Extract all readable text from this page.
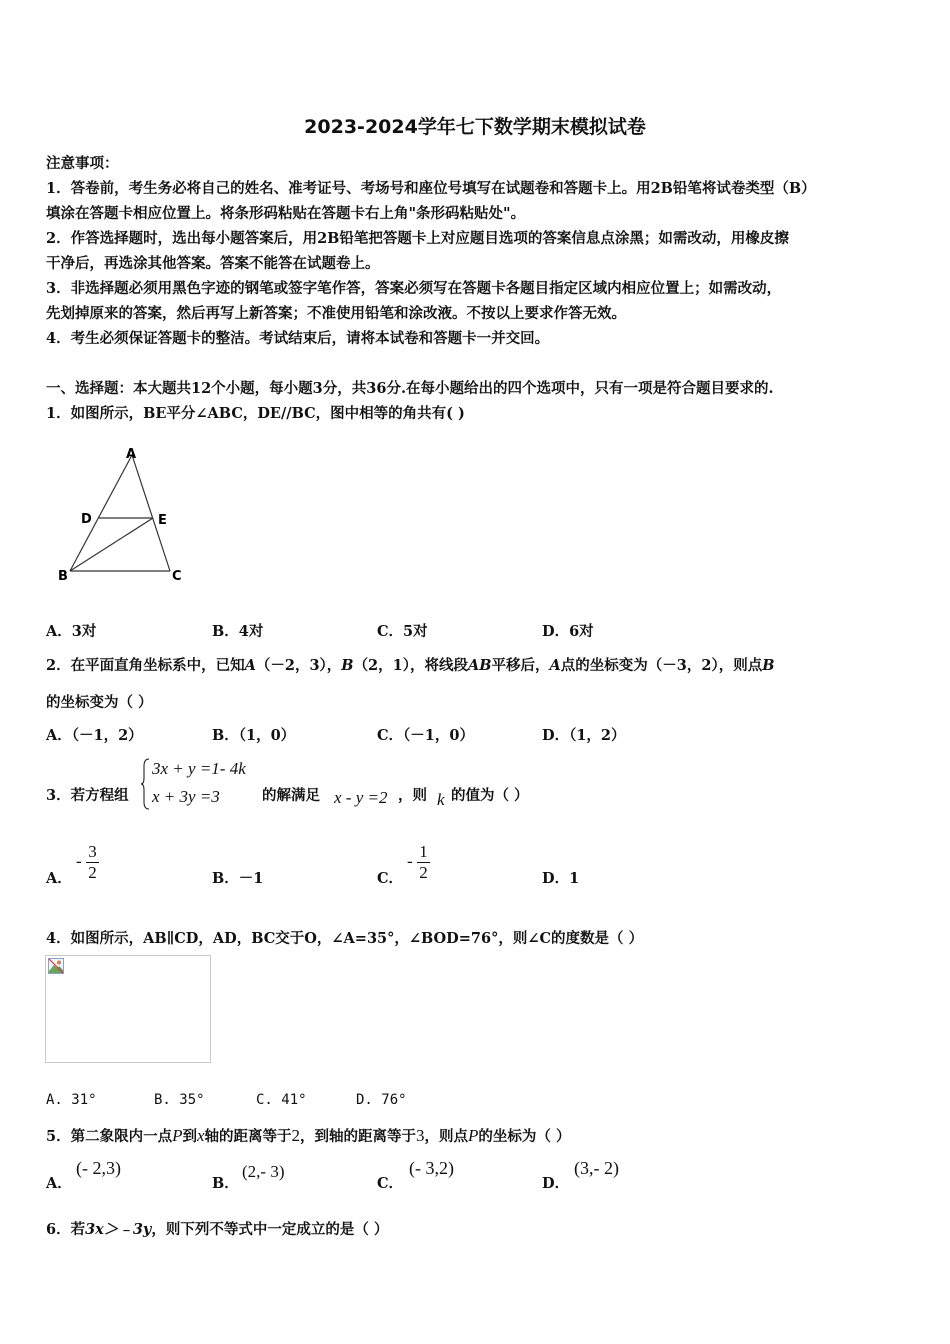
2023-2024学年七下数学期末模拟试卷
注意事项：
1．答卷前，考生务必将自己的姓名、准考证号、考场号和座位号填写在试题卷和答题卡上。用2B铅笔将试卷类型（B）
填涂在答题卡相应位置上。将条形码粘贴在答题卡右上角"条形码粘贴处"。
2．作答选择题时，选出每小题答案后，用2B铅笔把答题卡上对应题目选项的答案信息点涂黑；如需改动，用橡皮擦
干净后，再选涂其他答案。答案不能答在试题卷上。
3．非选择题必须用黑色字迹的钢笔或签字笔作答，答案必须写在答题卡各题目指定区域内相应位置上；如需改动，
先划掉原来的答案，然后再写上新答案；不准使用铅笔和涂改液。不按以上要求作答无效。
4．考生必须保证答题卡的整洁。考试结束后，请将本试卷和答题卡一并交回。
一、选择题：本大题共12个小题，每小题3分，共36分.在每小题给出的四个选项中，只有一项是符合题目要求的.
1．如图所示，BE平分∠ABC，DE//BC，图中相等的角共有( )
A
D	E
B	C
A．3对	B．4对	C．5对	D．6对
2．在平面直角坐标系中，已知A（－2，3），B（2，1），将线段AB平移后，A点的坐标变为（－3，2），则点B
的坐标变为（ ）
A．（－1，2）	B．（1，0）	C．（－1，0）	D．（1，2）
3．若方程组
3x + y =1- 4k
x + 3y =3	的解满足 x - y =2 ，则 k 的值为（ ）
A．
- $\frac{3}{2}$	B．－1	C．
- $\frac{1}{2}$	D．1
4．如图所示，AB∥CD，AD，BC交于O，∠A=35°，∠BOD=76°，则∠C的度数是（ ）
A. 31°	B. 35°	C. 41°	D. 76°
5．第二象限内一点P到x轴的距离等于2，到轴的距离等于3，则点P的坐标为（ ）
A．
(- 2,3)
B．
(2,- 3)
C．
(- 3,2)
D．
(3,- 2)
6．若3x＞﹣3y，则下列不等式中一定成立的是（ ）
